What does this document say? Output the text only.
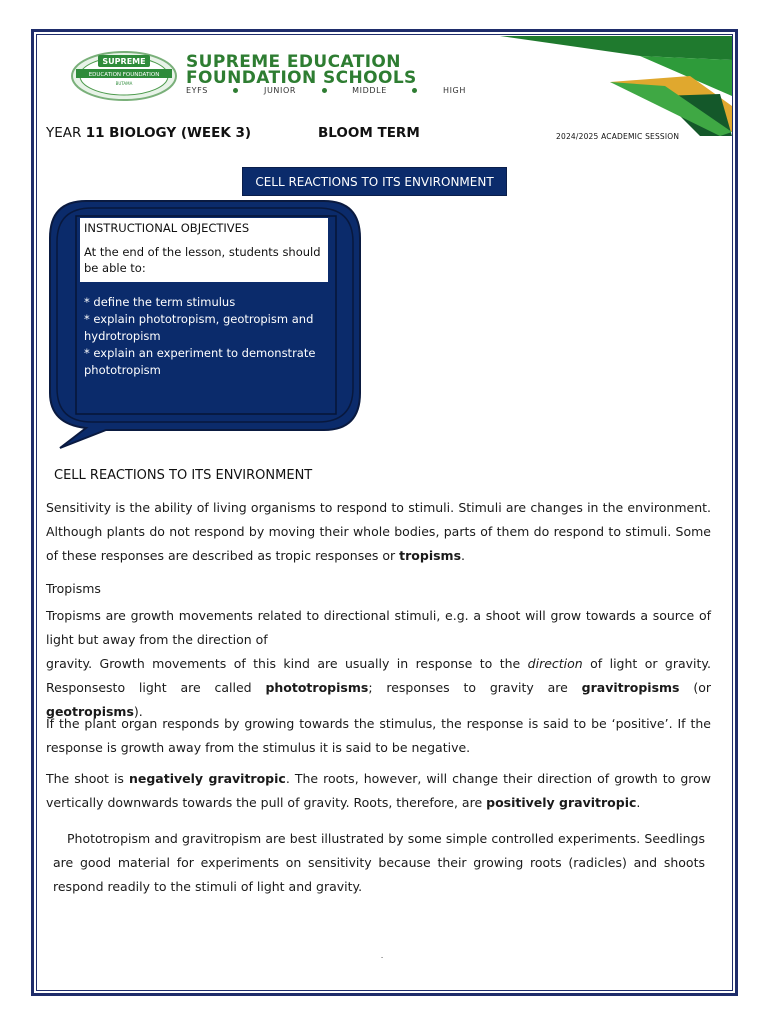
SUPREME
EDUCATION FOUNDATION
BUTAMA
SUPREME EDUCATION
FOUNDATION SCHOOLS
EYFS	JUNIOR	MIDDLE	HIGH
YEAR 11 BIOLOGY (WEEK 3)	BLOOM TERM	2024/2025 ACADEMIC SESSION
CELL REACTIONS TO ITS ENVIRONMENT
INSTRUCTIONAL OBJECTIVES
At the end of the lesson, students should be able to:
* define the term stimulus
* explain phototropism, geotropism and hydrotropism
* explain an experiment to demonstrate phototropism
CELL REACTIONS TO ITS ENVIRONMENT
Sensitivity is the ability of living organisms to respond to stimuli. Stimuli are changes in the environment. Although plants do not respond by moving their whole bodies, parts of them do respond to stimuli. Some of these responses are described as tropic responses or tropisms.
Tropisms
Tropisms are growth movements related to directional stimuli, e.g. a shoot will grow towards a source of light but away from the direction of
gravity. Growth movements of this kind are usually in response to the direction of light or gravity. Responsesto light are called phototropisms; responses to gravity are gravitropisms (or geotropisms).
If the plant organ responds by growing towards the stimulus, the response is said to be ‘positive’. If the response is growth away from the stimulus it is said to be negative.
The shoot is negatively gravitropic. The roots, however, will change their direction of growth to grow vertically downwards towards the pull of gravity. Roots, therefore, are positively gravitropic.
Phototropism and gravitropism are best illustrated by some simple controlled experiments. Seedlings are good material for experiments on sensitivity because their growing roots (radicles) and shoots respond readily to the stimuli of light and gravity.
-
